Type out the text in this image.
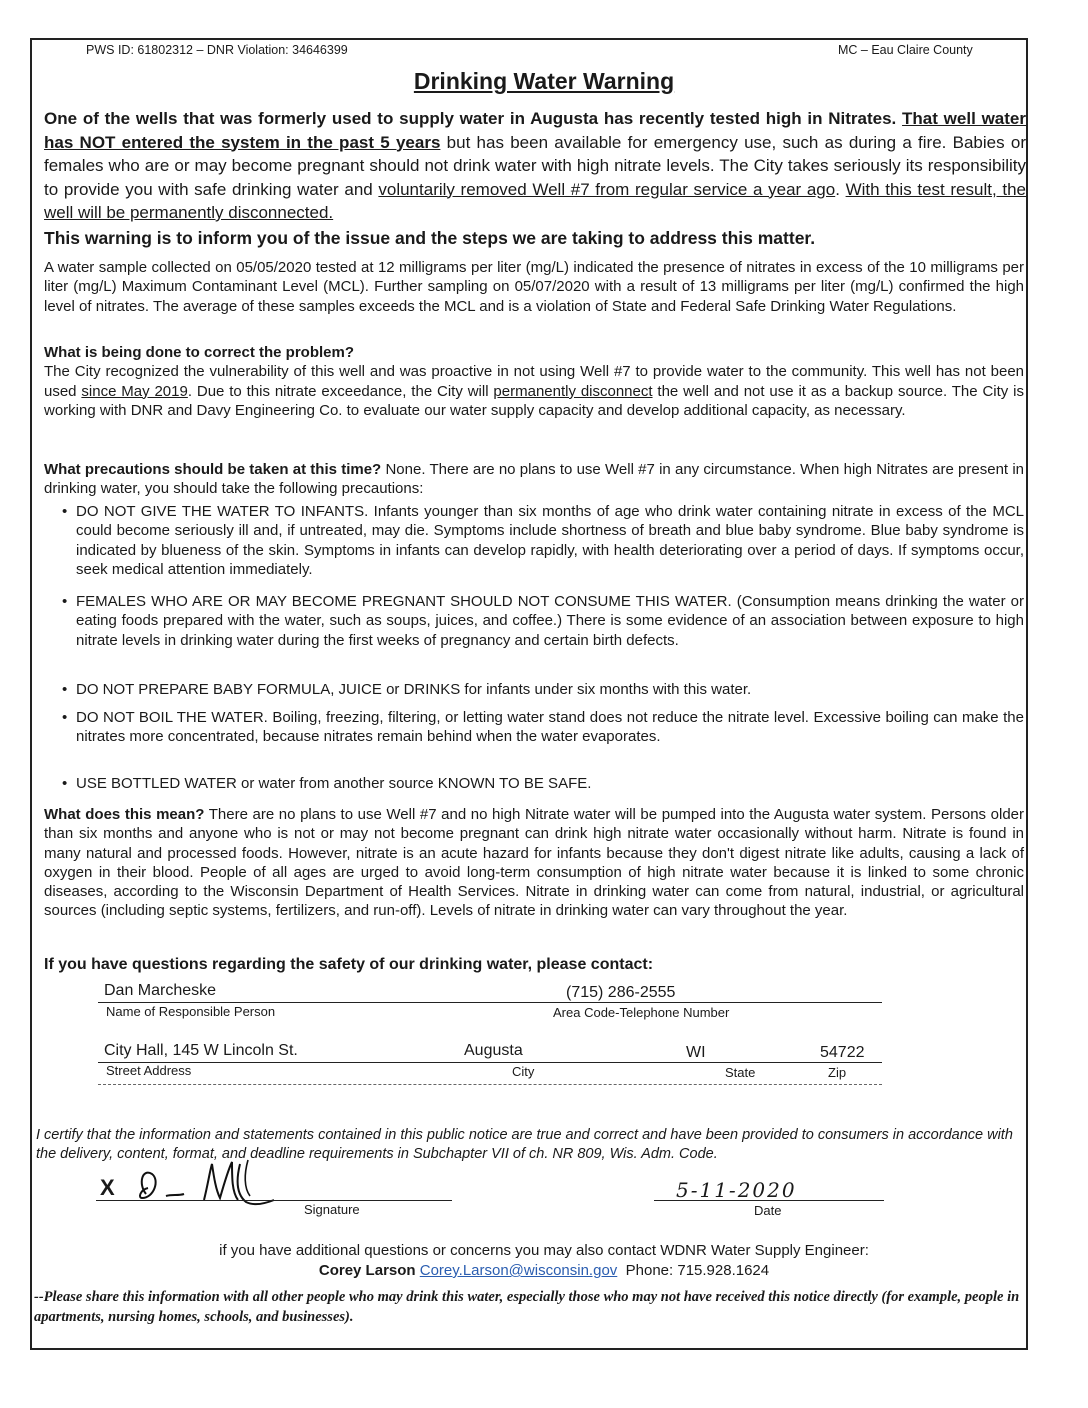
PWS ID: 61802312 – DNR Violation: 34646399	MC – Eau Claire County
Drinking Water Warning
One of the wells that was formerly used to supply water in Augusta has recently tested high in Nitrates. That well water has NOT entered the system in the past 5 years but has been available for emergency use, such as during a fire. Babies or females who are or may become pregnant should not drink water with high nitrate levels. The City takes seriously its responsibility to provide you with safe drinking water and voluntarily removed Well #7 from regular service a year ago. With this test result, the well will be permanently disconnected.
This warning is to inform you of the issue and the steps we are taking to address this matter.
A water sample collected on 05/05/2020 tested at 12 milligrams per liter (mg/L) indicated the presence of nitrates in excess of the 10 milligrams per liter (mg/L) Maximum Contaminant Level (MCL). Further sampling on 05/07/2020 with a result of 13 milligrams per liter (mg/L) confirmed the high level of nitrates. The average of these samples exceeds the MCL and is a violation of State and Federal Safe Drinking Water Regulations.
What is being done to correct the problem?
The City recognized the vulnerability of this well and was proactive in not using Well #7 to provide water to the community. This well has not been used since May 2019. Due to this nitrate exceedance, the City will permanently disconnect the well and not use it as a backup source. The City is working with DNR and Davy Engineering Co. to evaluate our water supply capacity and develop additional capacity, as necessary.
What precautions should be taken at this time? None. There are no plans to use Well #7 in any circumstance. When high Nitrates are present in drinking water, you should take the following precautions:
• DO NOT GIVE THE WATER TO INFANTS. Infants younger than six months of age who drink water containing nitrate in excess of the MCL could become seriously ill and, if untreated, may die. Symptoms include shortness of breath and blue baby syndrome. Blue baby syndrome is indicated by blueness of the skin. Symptoms in infants can develop rapidly, with health deteriorating over a period of days. If symptoms occur, seek medical attention immediately.
• FEMALES WHO ARE OR MAY BECOME PREGNANT SHOULD NOT CONSUME THIS WATER. (Consumption means drinking the water or eating foods prepared with the water, such as soups, juices, and coffee.) There is some evidence of an association between exposure to high nitrate levels in drinking water during the first weeks of pregnancy and certain birth defects.
• DO NOT PREPARE BABY FORMULA, JUICE or DRINKS for infants under six months with this water.
• DO NOT BOIL THE WATER. Boiling, freezing, filtering, or letting water stand does not reduce the nitrate level. Excessive boiling can make the nitrates more concentrated, because nitrates remain behind when the water evaporates.
• USE BOTTLED WATER or water from another source KNOWN TO BE SAFE.
What does this mean? There are no plans to use Well #7 and no high Nitrate water will be pumped into the Augusta water system. Persons older than six months and anyone who is not or may not become pregnant can drink high nitrate water occasionally without harm. Nitrate is found in many natural and processed foods. However, nitrate is an acute hazard for infants because they don't digest nitrate like adults, causing a lack of oxygen in their blood. People of all ages are urged to avoid long-term consumption of high nitrate water because it is linked to some chronic diseases, according to the Wisconsin Department of Health Services. Nitrate in drinking water can come from natural, industrial, or agricultural sources (including septic systems, fertilizers, and run-off). Levels of nitrate in drinking water can vary throughout the year.
If you have questions regarding the safety of our drinking water, please contact:
Dan Marcheske	(715) 286-2555
Name of Responsible Person	Area Code-Telephone Number
City Hall, 145 W Lincoln St.	Augusta	WI	54722
Street Address	City	State	Zip
I certify that the information and statements contained in this public notice are true and correct and have been provided to consumers in accordance with the delivery, content, format, and deadline requirements in Subchapter VII of ch. NR 809, Wis. Adm. Code.
X
Signature
5-11-2020
Date
if you have additional questions or concerns you may also contact WDNR Water Supply Engineer:
Corey Larson Corey.Larson@wisconsin.gov Phone: 715.928.1624
--Please share this information with all other people who may drink this water, especially those who may not have received this notice directly (for example, people in apartments, nursing homes, schools, and businesses).
